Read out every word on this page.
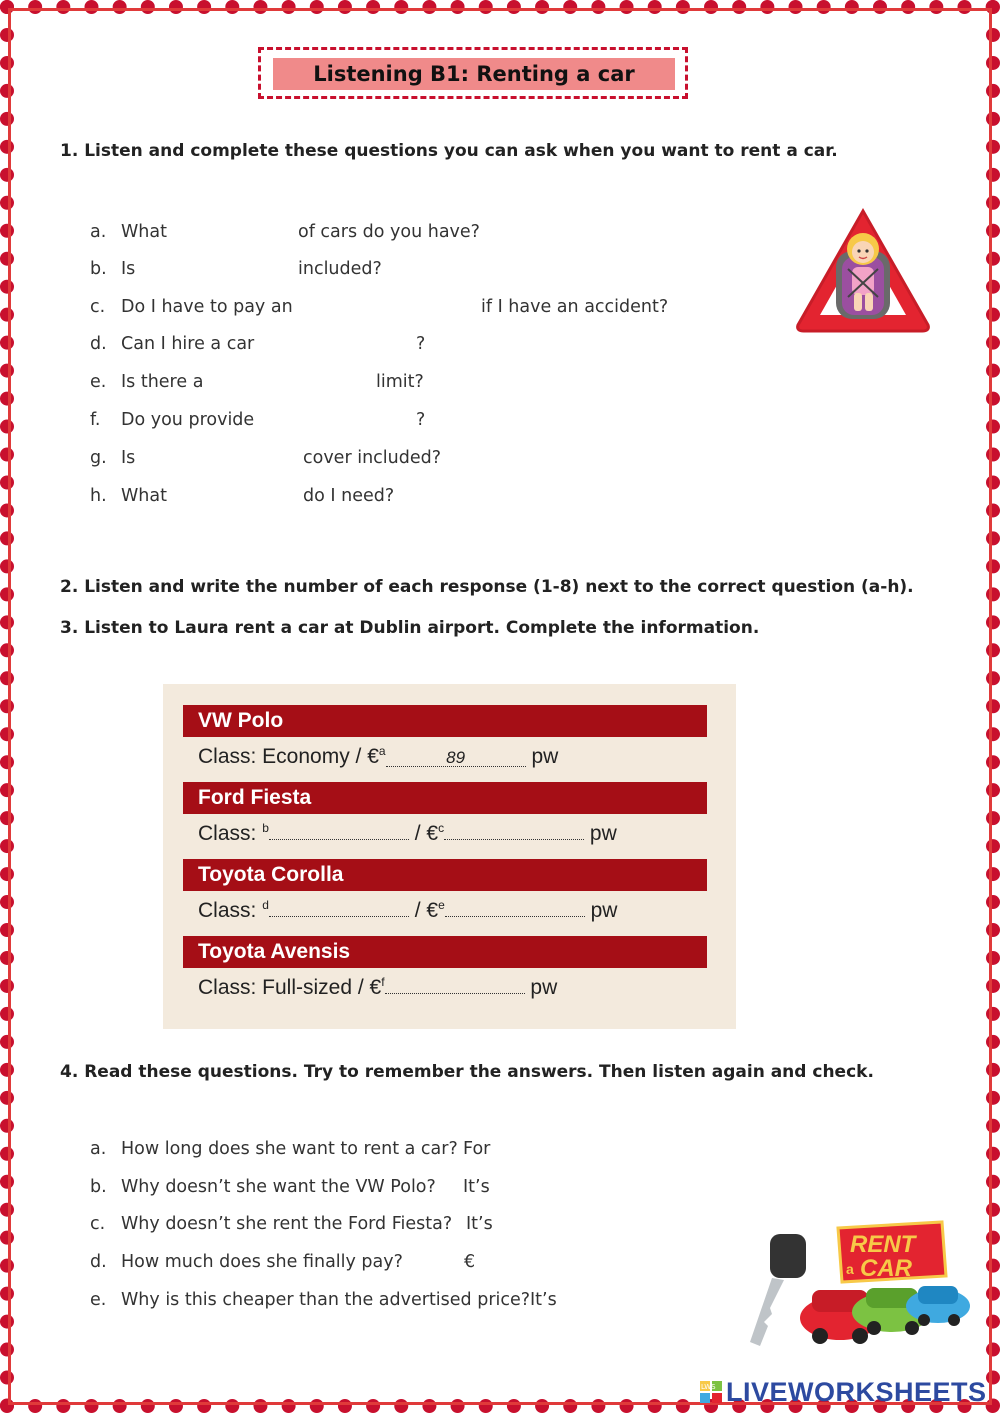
Listening B1: Renting a car
1. Listen and complete these questions you can ask when you want to rent a car.
a. What	of cars do you have?
b. Is	included?
c. Do I have to pay an	if I have an accident?
d. Can I hire a car	?
e. Is there a	limit?
f. Do you provide	?
g. Is	cover included?
h. What	do I need?
2. Listen and write the number of each response (1-8) next to the correct question (a-h).
3. Listen to Laura rent a car at Dublin airport. Complete the information.
VW Polo
Class: Economy / €$^a$	89	pw
Ford Fiesta
Class: $^b$	/ €$^c$	pw
Toyota Corolla
Class: $^d$	/ €$^e$	pw
Toyota Avensis
Class: Full-sized / €$^f$	pw
4. Read these questions. Try to remember the answers. Then listen again and check.
a. How long does she want to rent a car? For
b. Why doesn’t she want the VW Polo? It’s
c. Why doesn’t she rent the Ford Fiesta? It’s
d. How much does she finally pay?	€
e. Why is this cheaper than the advertised price? It’s
RENT
a CAR
LWS LIVEWORKSHEETS
